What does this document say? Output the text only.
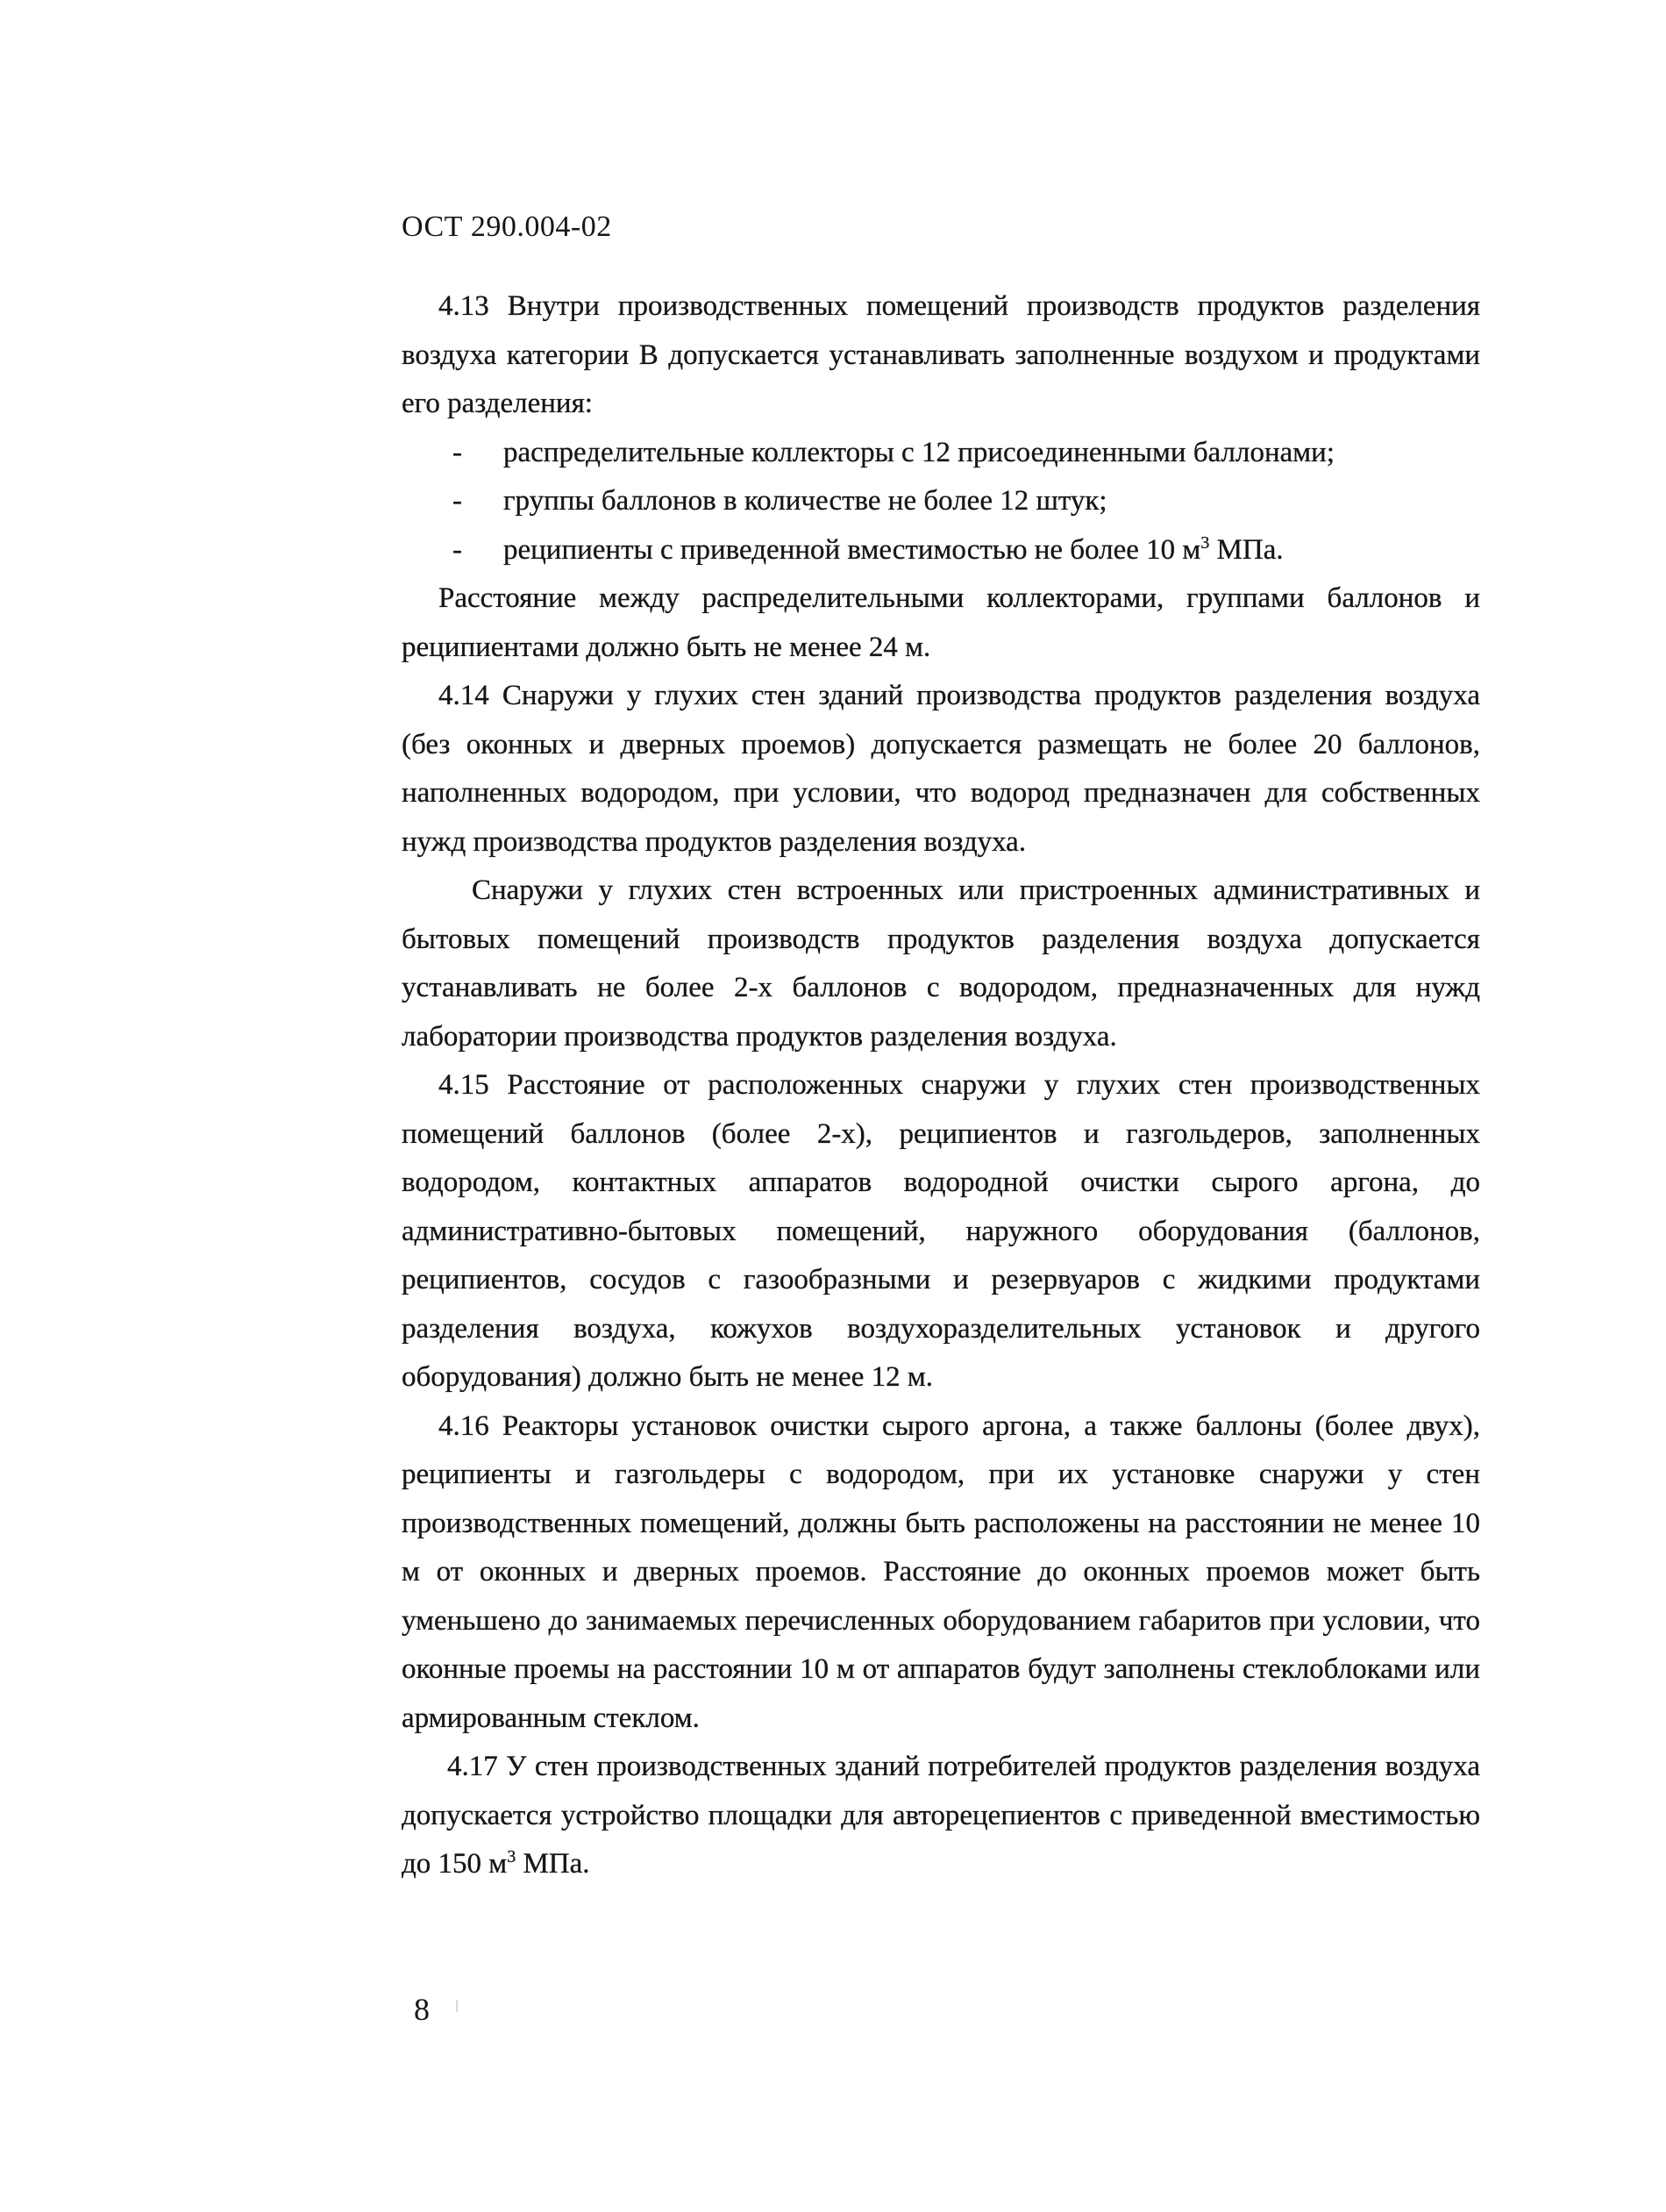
ОСТ 290.004-02

4.13 Внутри производственных помещений производств продуктов разделения воздуха категории В допускается устанавливать заполненные воздухом и продуктами его разделения:

- распределительные коллекторы с 12 присоединенными баллонами;
- группы баллонов в количестве не более 12 штук;
- реципиенты с приведенной вместимостью не более 10 $м^3$ МПа.

Расстояние между распределительными коллекторами, группами баллонов и реципиентами должно быть не менее 24 м.

4.14 Снаружи у глухих стен зданий производства продуктов разделения воздуха (без оконных и дверных проемов) допускается размещать не более 20 баллонов, наполненных водородом, при условии, что водород предназначен для собственных нужд производства продуктов разделения воздуха.

Снаружи у глухих стен встроенных или пристроенных административных и бытовых помещений производств продуктов разделения воздуха допускается устанавливать не более 2-х баллонов с водородом, предназначенных для нужд лаборатории производства продуктов разделения воздуха.

4.15 Расстояние от расположенных снаружи у глухих стен производственных помещений баллонов (более 2-х), реципиентов и газгольдеров, заполненных водородом, контактных аппаратов водородной очистки сырого аргона, до административно-бытовых помещений, наружного оборудования (баллонов, реципиентов, сосудов с газообразными и резервуаров с жидкими продуктами разделения воздуха, кожухов воздухоразделительных установок и другого оборудования) должно быть не менее 12 м.

4.16 Реакторы установок очистки сырого аргона, а также баллоны (более двух), реципиенты и газгольдеры с водородом, при их установке снаружи у стен производственных помещений, должны быть расположены на расстоянии не менее 10 м от оконных и дверных проемов. Расстояние до оконных проемов может быть уменьшено до занимаемых перечисленных оборудованием габаритов при условии, что оконные проемы на расстоянии 10 м от аппаратов будут заполнены стеклоблоками или армированным стеклом.

4.17 У стен производственных зданий потребителей продуктов разделения воздуха допускается устройство площадки для авторецепиентов с приведенной вместимостью до 150 $м^3$ МПа.

8
